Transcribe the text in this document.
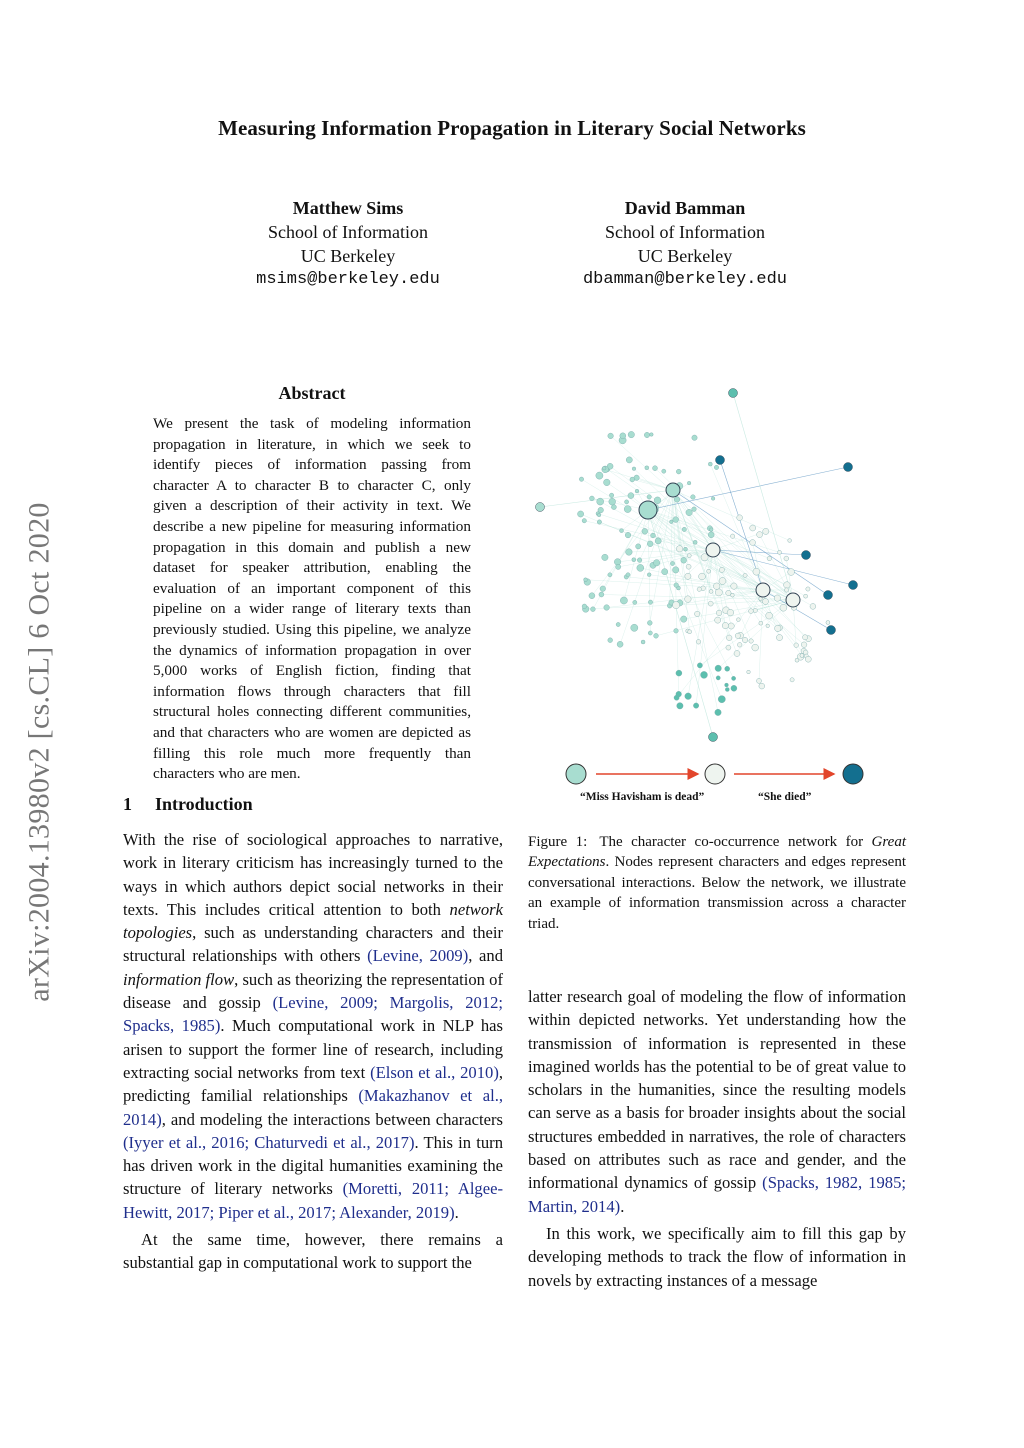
Measuring Information Propagation in Literary Social Networks
Matthew Sims
School of Information
UC Berkeley
msims@berkeley.edu
David Bamman
School of Information
UC Berkeley
dbamman@berkeley.edu
arXiv:2004.13980v2 [cs.CL] 6 Oct 2020
Abstract

We present the task of modeling information propagation in literature, in which we seek to identify pieces of information passing from character A to character B to character C, only given a description of their activity in text. We describe a new pipeline for measuring information propagation in this domain and publish a new dataset for speaker attribution, enabling the evaluation of an important component of this pipeline on a wider range of literary texts than previously studied. Using this pipeline, we analyze the dynamics of information propagation in over 5,000 works of English fiction, finding that information flows through characters that fill structural holes connecting different communities, and that characters who are women are depicted as filling this role much more frequently than characters who are men.

1 Introduction

With the rise of sociological approaches to narrative, work in literary criticism has increasingly turned to the ways in which authors depict social networks in their texts. This includes critical attention to both network topologies, such as understanding characters and their structural relationships with others (Levine, 2009), and information flow, such as theorizing the representation of disease and gossip (Levine, 2009; Margolis, 2012; Spacks, 1985). Much computational work in NLP has arisen to support the former line of research, including extracting social networks from text (Elson et al., 2010), predicting familial relationships (Makazhanov et al., 2014), and modeling the interactions between characters (Iyyer et al., 2016; Chaturvedi et al., 2017). This in turn has driven work in the digital humanities examining the structure of literary networks (Moretti, 2011; Algee-Hewitt, 2017; Piper et al., 2017; Alexander, 2019).

At the same time, however, there remains a substantial gap in computational work to support the

“Miss Havisham is dead”	“She died”
Figure 1: The character co-occurrence network for Great Expectations. Nodes represent characters and edges represent conversational interactions. Below the network, we illustrate an example of information transmission across a character triad.

latter research goal of modeling the flow of information within depicted networks. Yet understanding how the transmission of information is represented in these imagined worlds has the potential to be of great value to scholars in the humanities, since the resulting models can serve as a basis for broader insights about the social structures embedded in narratives, the role of characters based on attributes such as race and gender, and the informational dynamics of gossip (Spacks, 1982, 1985; Martin, 2014).

In this work, we specifically aim to fill this gap by developing methods to track the flow of information in novels by extracting instances of a message
